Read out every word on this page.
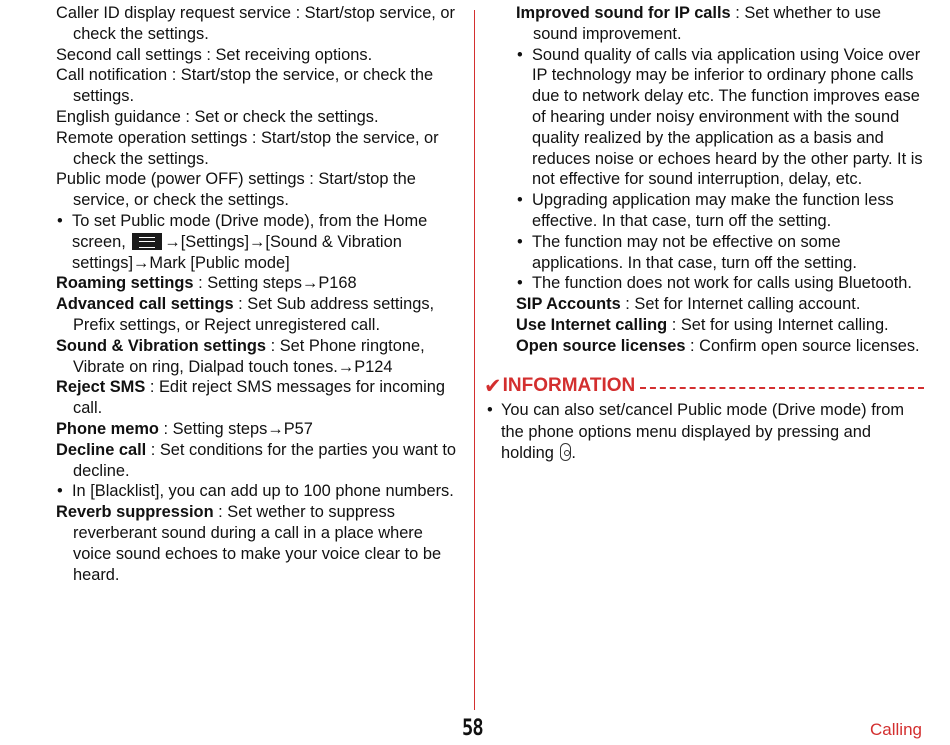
Caller ID display request service : Start/stop service, or check the settings.

Second call settings : Set receiving options.

Call notification : Start/stop the service, or check the settings.

English guidance : Set or check the settings.

Remote operation settings : Start/stop the service, or check the settings.

Public mode (power OFF) settings : Start/stop the service, or check the settings.

• To set Public mode (Drive mode), from the Home screen, →[Settings]→[Sound & Vibration settings]→Mark [Public mode]

Roaming settings : Setting steps→P168

Advanced call settings : Set Sub address settings, Prefix settings, or Reject unregistered call.

Sound & Vibration settings : Set Phone ringtone, Vibrate on ring, Dialpad touch tones.→P124

Reject SMS : Edit reject SMS messages for incoming call.

Phone memo : Setting steps→P57

Decline call : Set conditions for the parties you want to decline.

• In [Blacklist], you can add up to 100 phone numbers.

Reverb suppression : Set wether to suppress reverberant sound during a call in a place where voice sound echoes to make your voice clear to be heard.

Improved sound for IP calls : Set whether to use sound improvement.

• Sound quality of calls via application using Voice over IP technology may be inferior to ordinary phone calls due to network delay etc. The function improves ease of hearing under noisy environment with the sound quality realized by the application as a basis and reduces noise or echoes heard by the other party. It is not effective for sound interruption, delay, etc.

• Upgrading application may make the function less effective. In that case, turn off the setting.

• The function may not be effective on some applications. In that case, turn off the setting.

• The function does not work for calls using Bluetooth.

SIP Accounts : Set for Internet calling account.

Use Internet calling : Set for using Internet calling.

Open source licenses : Confirm open source licenses.

✔ INFORMATION

• You can also set/cancel Public mode (Drive mode) from the phone options menu displayed by pressing and holding .

58	Calling
